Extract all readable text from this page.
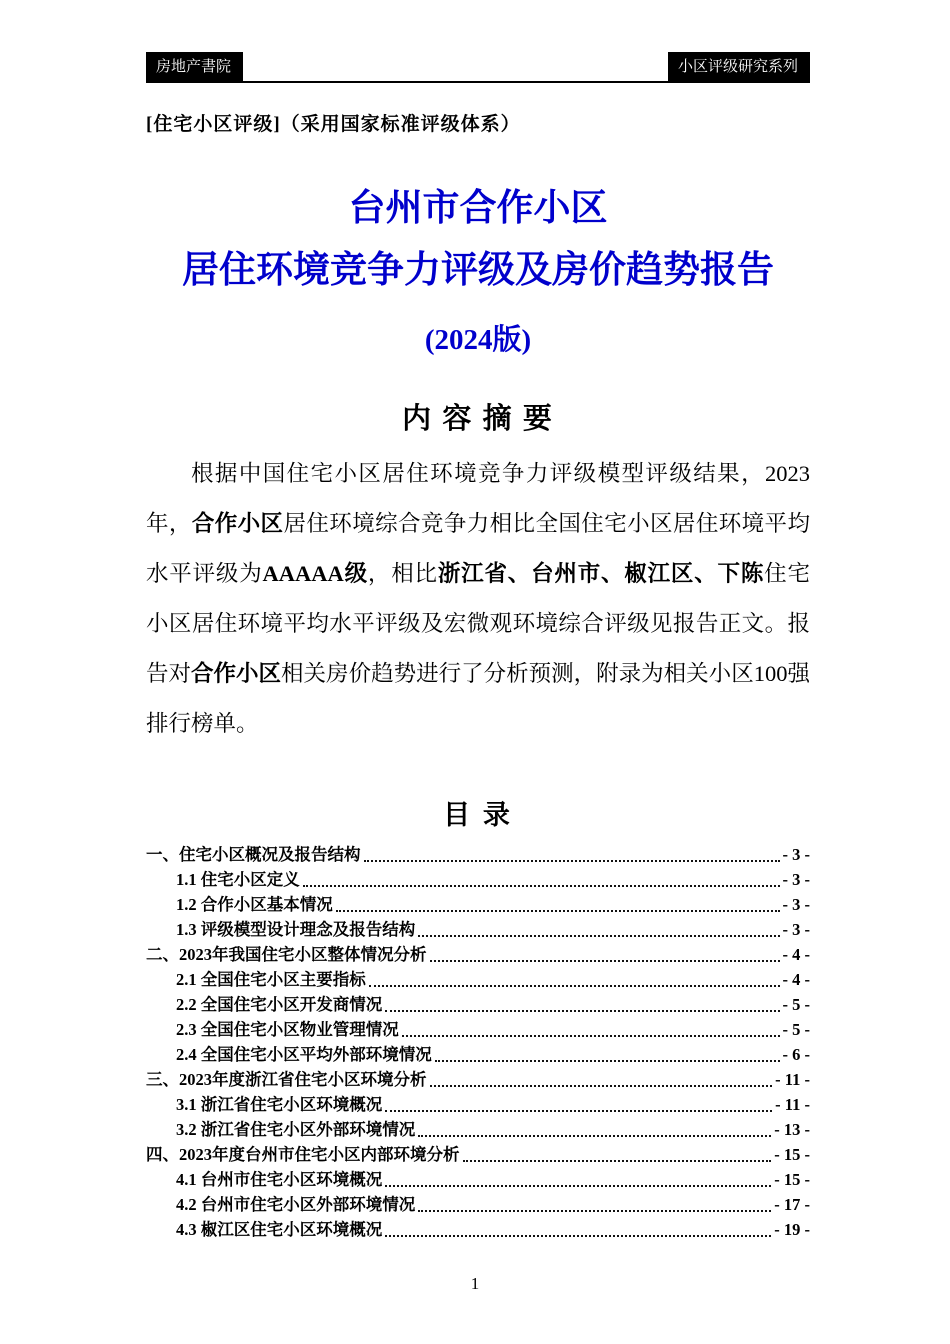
房地产書院	小区评级研究系列
[住宅小区评级]（采用国家标准评级体系）
台州市合作小区
居住环境竞争力评级及房价趋势报告
(2024版)
内 容 摘 要

根据中国住宅小区居住环境竞争力评级模型评级结果，2023年，合作小区居住环境综合竞争力相比全国住宅小区居住环境平均水平评级为AAAAA级，相比浙江省、台州市、椒江区、下陈住宅小区居住环境平均水平评级及宏微观环境综合评级见报告正文。报告对合作小区相关房价趋势进行了分析预测，附录为相关小区100强排行榜单。

目 录
一、住宅小区概况及报告结构	- 3 -
1.1 住宅小区定义	- 3 -
1.2 合作小区基本情况	- 3 -
1.3 评级模型设计理念及报告结构	- 3 -
二、2023年我国住宅小区整体情况分析	- 4 -
2.1 全国住宅小区主要指标	- 4 -
2.2 全国住宅小区开发商情况	- 5 -
2.3 全国住宅小区物业管理情况	- 5 -
2.4 全国住宅小区平均外部环境情况	- 6 -
三、2023年度浙江省住宅小区环境分析	- 11 -
3.1 浙江省住宅小区环境概况	- 11 -
3.2 浙江省住宅小区外部环境情况	- 13 -
四、2023年度台州市住宅小区内部环境分析	- 15 -
4.1 台州市住宅小区环境概况	- 15 -
4.2 台州市住宅小区外部环境情况	- 17 -
4.3 椒江区住宅小区环境概况	- 19 -
1
